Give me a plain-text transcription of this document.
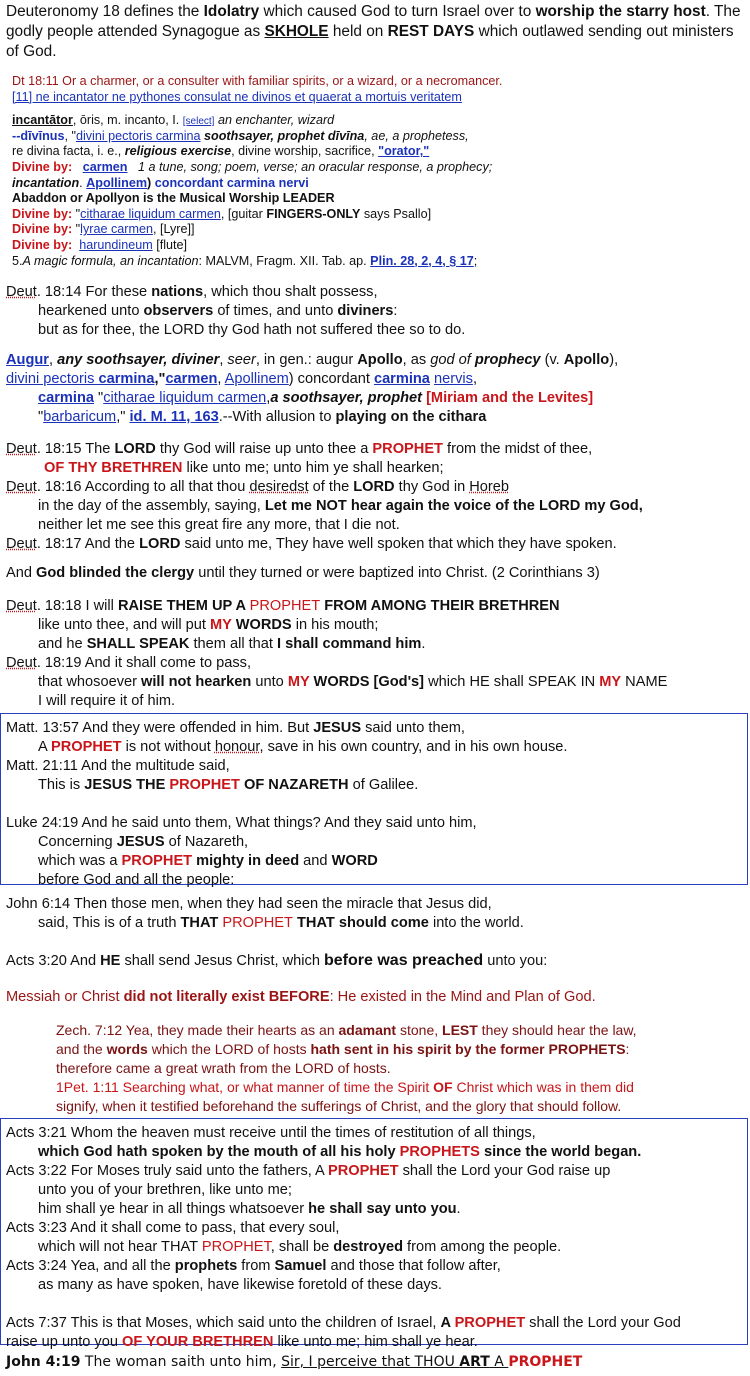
Deuteronomy 18 defines the Idolatry which caused God to turn Israel over to worship the starry host. The
godly people attended Synagogue as SKHOLE held on REST DAYS which outlawed sending out ministers
of God.
Dt 18:11 Or a charmer, or a consulter with familiar spirits, or a wizard, or a necromancer.
[11] ne incantator ne pythones consulat ne divinos et quaerat a mortuis veritatem
incantātor, ōris, m. incanto, I. [select] an enchanter, wizard
--dīvīnus, "divini pectoris carmina soothsayer, prophet dīvīna, ae, a prophetess,
re divina facta, i. e., religious exercise, divine worship, sacrifice, "orator,"
Divine by: carmen 1 a tune, song; poem, verse; an oracular response, a prophecy;
incantation. Apollinem) concordant carmina nervi
Abaddon or Apollyon is the Musical Worship LEADER
Divine by: "citharae liquidum carmen, [guitar FINGERS-ONLY says Psallo]
Divine by: "lyrae carmen, [Lyre]]
Divine by: harundineum [flute]
5.A magic formula, an incantation: MALVM, Fragm. XII. Tab. ap. Plin. 28, 2, 4, § 17;
Deut. 18:14 For these nations, which thou shalt possess,
hearkened unto observers of times, and unto diviners:
but as for thee, the LORD thy God hath not suffered thee so to do.
Augur, any soothsayer, diviner, seer, in gen.: augur Apollo, as god of prophecy (v. Apollo),
divini pectoris carmina,"carmen, Apollinem) concordant carmina nervis,
carmina "citharae liquidum carmen,a soothsayer, prophet [Miriam and the Levites]
"barbaricum," id. M. 11, 163.--With allusion to playing on the cithara
Deut. 18:15 The LORD thy God will raise up unto thee a PROPHET from the midst of thee,
OF THY BRETHREN like unto me; unto him ye shall hearken;
Deut. 18:16 According to all that thou desiredst of the LORD thy God in Horeb
in the day of the assembly, saying, Let me NOT hear again the voice of the LORD my God,
neither let me see this great fire any more, that I die not.
Deut. 18:17 And the LORD said unto me, They have well spoken that which they have spoken.
And God blinded the clergy until they turned or were baptized into Christ. (2 Corinthians 3)
Deut. 18:18 I will RAISE THEM UP A PROPHET FROM AMONG THEIR BRETHREN
like unto thee, and will put MY WORDS in his mouth;
and he SHALL SPEAK them all that I shall command him.
Deut. 18:19 And it shall come to pass,
that whosoever will not hearken unto MY WORDS [God's] which HE shall SPEAK IN MY NAME
I will require it of him.
Matt. 13:57 And they were offended in him. But JESUS said unto them,
A PROPHET is not without honour, save in his own country, and in his own house.
Matt. 21:11 And the multitude said,
This is JESUS THE PROPHET OF NAZARETH of Galilee.
Luke 24:19 And he said unto them, What things? And they said unto him,
Concerning JESUS of Nazareth,
which was a PROPHET mighty in deed and WORD
before God and all the people:
John 6:14 Then those men, when they had seen the miracle that Jesus did,
said, This is of a truth THAT PROPHET THAT should come into the world.
Acts 3:20 And HE shall send Jesus Christ, which before was preached unto you:
Messiah or Christ did not literally exist BEFORE: He existed in the Mind and Plan of God.
Zech. 7:12 Yea, they made their hearts as an adamant stone, LEST they should hear the law,
and the words which the LORD of hosts hath sent in his spirit by the former PROPHETS:
therefore came a great wrath from the LORD of hosts.
1Pet. 1:11 Searching what, or what manner of time the Spirit OF Christ which was in them did
signify, when it testified beforehand the sufferings of Christ, and the glory that should follow.
Acts 3:21 Whom the heaven must receive until the times of restitution of all things,
which God hath spoken by the mouth of all his holy PROPHETS since the world began.
Acts 3:22 For Moses truly said unto the fathers, A PROPHET shall the Lord your God raise up
unto you of your brethren, like unto me;
him shall ye hear in all things whatsoever he shall say unto you.
Acts 3:23 And it shall come to pass, that every soul,
which will not hear THAT PROPHET, shall be destroyed from among the people.
Acts 3:24 Yea, and all the prophets from Samuel and those that follow after,
as many as have spoken, have likewise foretold of these days.
Acts 7:37 This is that Moses, which said unto the children of Israel, A PROPHET shall the Lord your God
raise up unto you OF YOUR BRETHREN like unto me; him shall ye hear.
John 4:19 The woman saith unto him, Sir, I perceive that THOU ART A PROPHET
